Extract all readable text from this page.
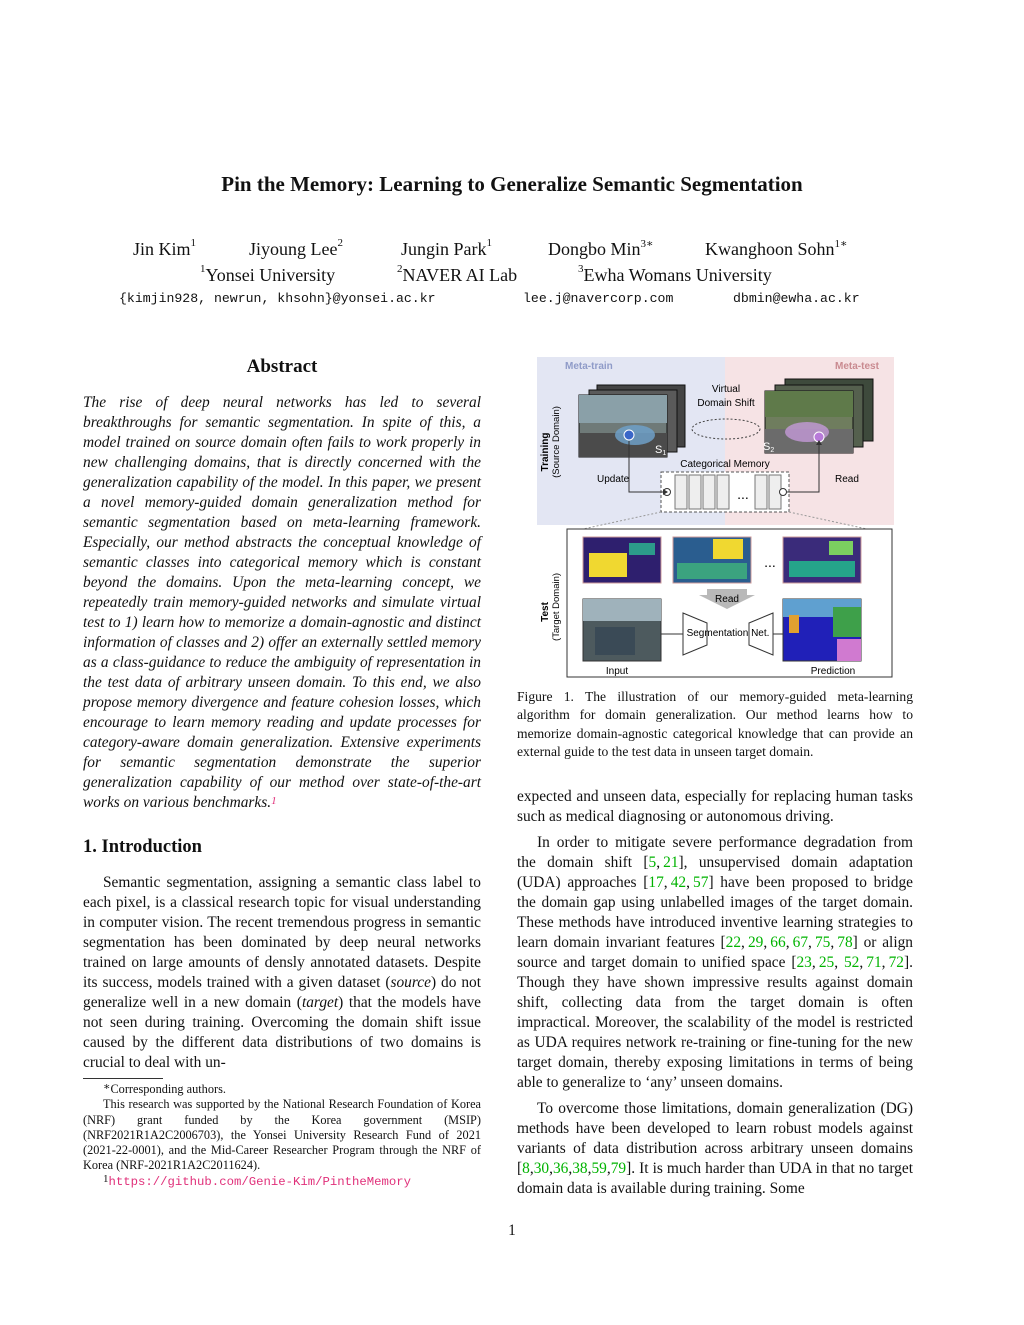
Pin the Memory: Learning to Generalize Semantic Segmentation
Jin Kim$^1$	Jiyoung Lee$^2$	Jungin Park$^1$	Dongbo Min$^{3∗}$	Kwanghoon Sohn$^{1∗}$
$^1$Yonsei University	$^2$NAVER AI Lab	$^3$Ewha Womans University
{kimjin928, newrun, khsohn}@yonsei.ac.kr	lee.j@navercorp.com	dbmin@ewha.ac.kr
Abstract
The rise of deep neural networks has led to several breakthroughs for semantic segmentation. In spite of this, a model trained on source domain often fails to work properly in new challenging domains, that is directly concerned with the generalization capability of the model. In this paper, we present a novel memory-guided domain generalization method for semantic segmentation based on meta-learning framework. Especially, our method abstracts the conceptual knowledge of semantic classes into categorical memory which is constant beyond the domains. Upon the meta-learning concept, we repeatedly train memory-guided networks and simulate virtual test to 1) learn how to memorize a domain-agnostic and distinct information of classes and 2) offer an externally settled memory as a class-guidance to reduce the ambiguity of representation in the test data of arbitrary unseen domain. To this end, we also propose memory divergence and feature cohesion losses, which encourage to learn memory reading and update processes for category-aware domain generalization. Extensive experiments for semantic segmentation demonstrate the superior generalization capability of our method over state-of-the-art works on various benchmarks.$^1$
1. Introduction

Semantic segmentation, assigning a semantic class label to each pixel, is a classical research topic for visual understanding in computer vision. The recent tremendous progress in semantic segmentation has been dominated by deep neural networks trained on large amounts of densly annotated datasets. Despite its success, models trained with a given dataset (source) do not generalize well in a new domain (target) that the models have not seen during training. Overcoming the domain shift issue caused by the different data distributions of two domains is crucial to deal with un-

∗Corresponding authors.

This research was supported by the National Research Foundation of Korea (NRF) grant funded by the Korea government (MSIP) (NRF2021R1A2C2006703), the Yonsei University Research Fund of 2021 (2021-22-0001), and the Mid-Career Researcher Program through the NRF of Korea (NRF-2021R1A2C2011624).

$^1$https://github.com/Genie-Kim/PintheMemory

Meta-train	Meta-test
Training (Source Domain)
Test (Target Domain)
S1
Virtual
Domain Shift
S2
Categorical Memory
...
Update	Read
...
Read
Input
Segmentation Net.
Prediction
Figure 1. The illustration of our memory-guided meta-learning algorithm for domain generalization. Our method learns how to memorize domain-agnostic categorical knowledge that can provide an external guide to the test data in unseen target domain.

expected and unseen data, especially for replacing human tasks such as medical diagnosing or autonomous driving.

In order to mitigate severe performance degradation from the domain shift [5, 21], unsupervised domain adaptation (UDA) approaches [17, 42, 57] have been proposed to bridge the domain gap using unlabelled images of the target domain. These methods have introduced inventive learning strategies to learn domain invariant features [22, 29, 66, 67, 75, 78] or align source and target domain to unified space [23, 25, 52, 71, 72]. Though they have shown impressive results against domain shift, collecting data from the target domain is often impractical. Moreover, the scalability of the model is restricted as UDA requires network re-training or fine-tuning for the new target domain, thereby exposing limitations in terms of being able to generalize to ‘any’ unseen domains.

To overcome those limitations, domain generalization (DG) methods have been developed to learn robust models against variants of data distribution across arbitrary unseen domains [8,30,36,38,59,79]. It is much harder than UDA in that no target domain data is available during training. Some

1
